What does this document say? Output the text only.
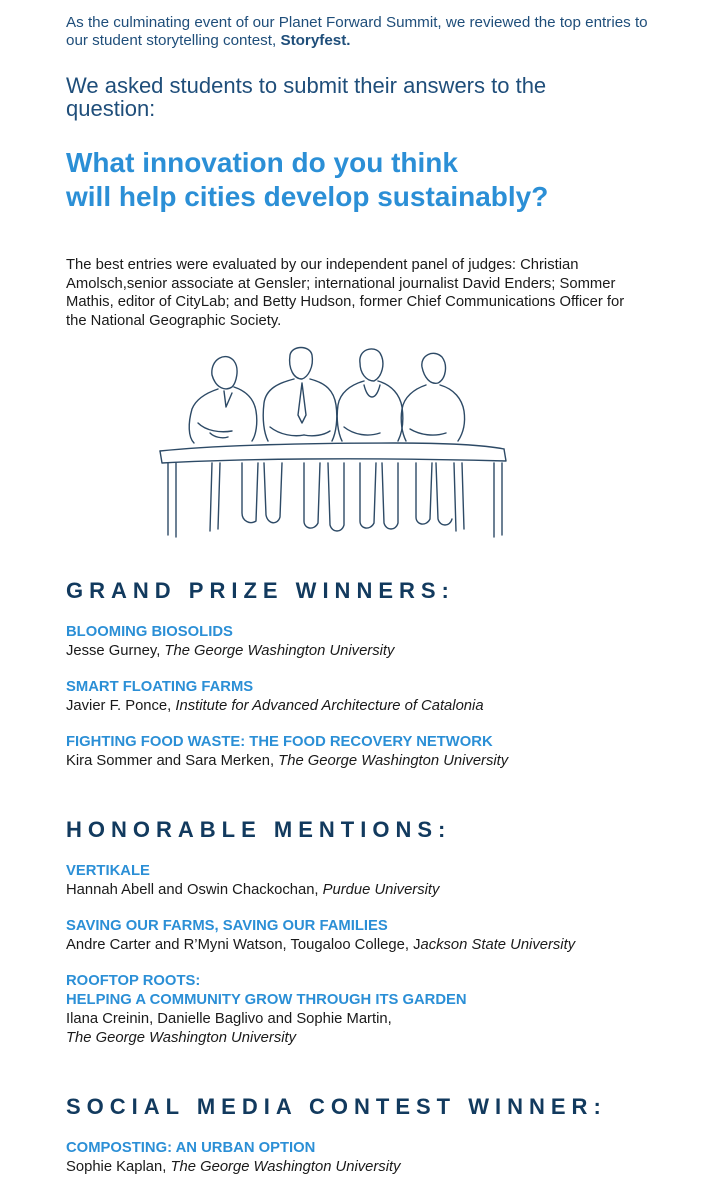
As the culminating event of our Planet Forward Summit, we reviewed the top entries to our student storytelling contest, Storyfest.

We asked students to submit their answers to the question:

What innovation do you think
will help cities develop sustainably?

The best entries were evaluated by our independent panel of judges: Christian Amolsch,senior associate at Gensler; international journalist David Enders; Sommer Mathis, editor of CityLab; and Betty Hudson, former Chief Communications Officer for the National Geographic Society.

GRAND PRIZE WINNERS:
BLOOMING BIOSOLIDS
Jesse Gurney, The George Washington University
SMART FLOATING FARMS
Javier F. Ponce, Institute for Advanced Architecture of Catalonia
FIGHTING FOOD WASTE: THE FOOD RECOVERY NETWORK
Kira Sommer and Sara Merken, The George Washington University
HONORABLE MENTIONS:
VERTIKALE
Hannah Abell and Oswin Chackochan, Purdue University
SAVING OUR FARMS, SAVING OUR FAMILIES
Andre Carter and R’Myni Watson, Tougaloo College, Jackson State University
ROOFTOP ROOTS:
HELPING A COMMUNITY GROW THROUGH ITS GARDEN
Ilana Creinin, Danielle Baglivo and Sophie Martin,
The George Washington University
SOCIAL MEDIA CONTEST WINNER:
COMPOSTING: AN URBAN OPTION
Sophie Kaplan, The George Washington University
